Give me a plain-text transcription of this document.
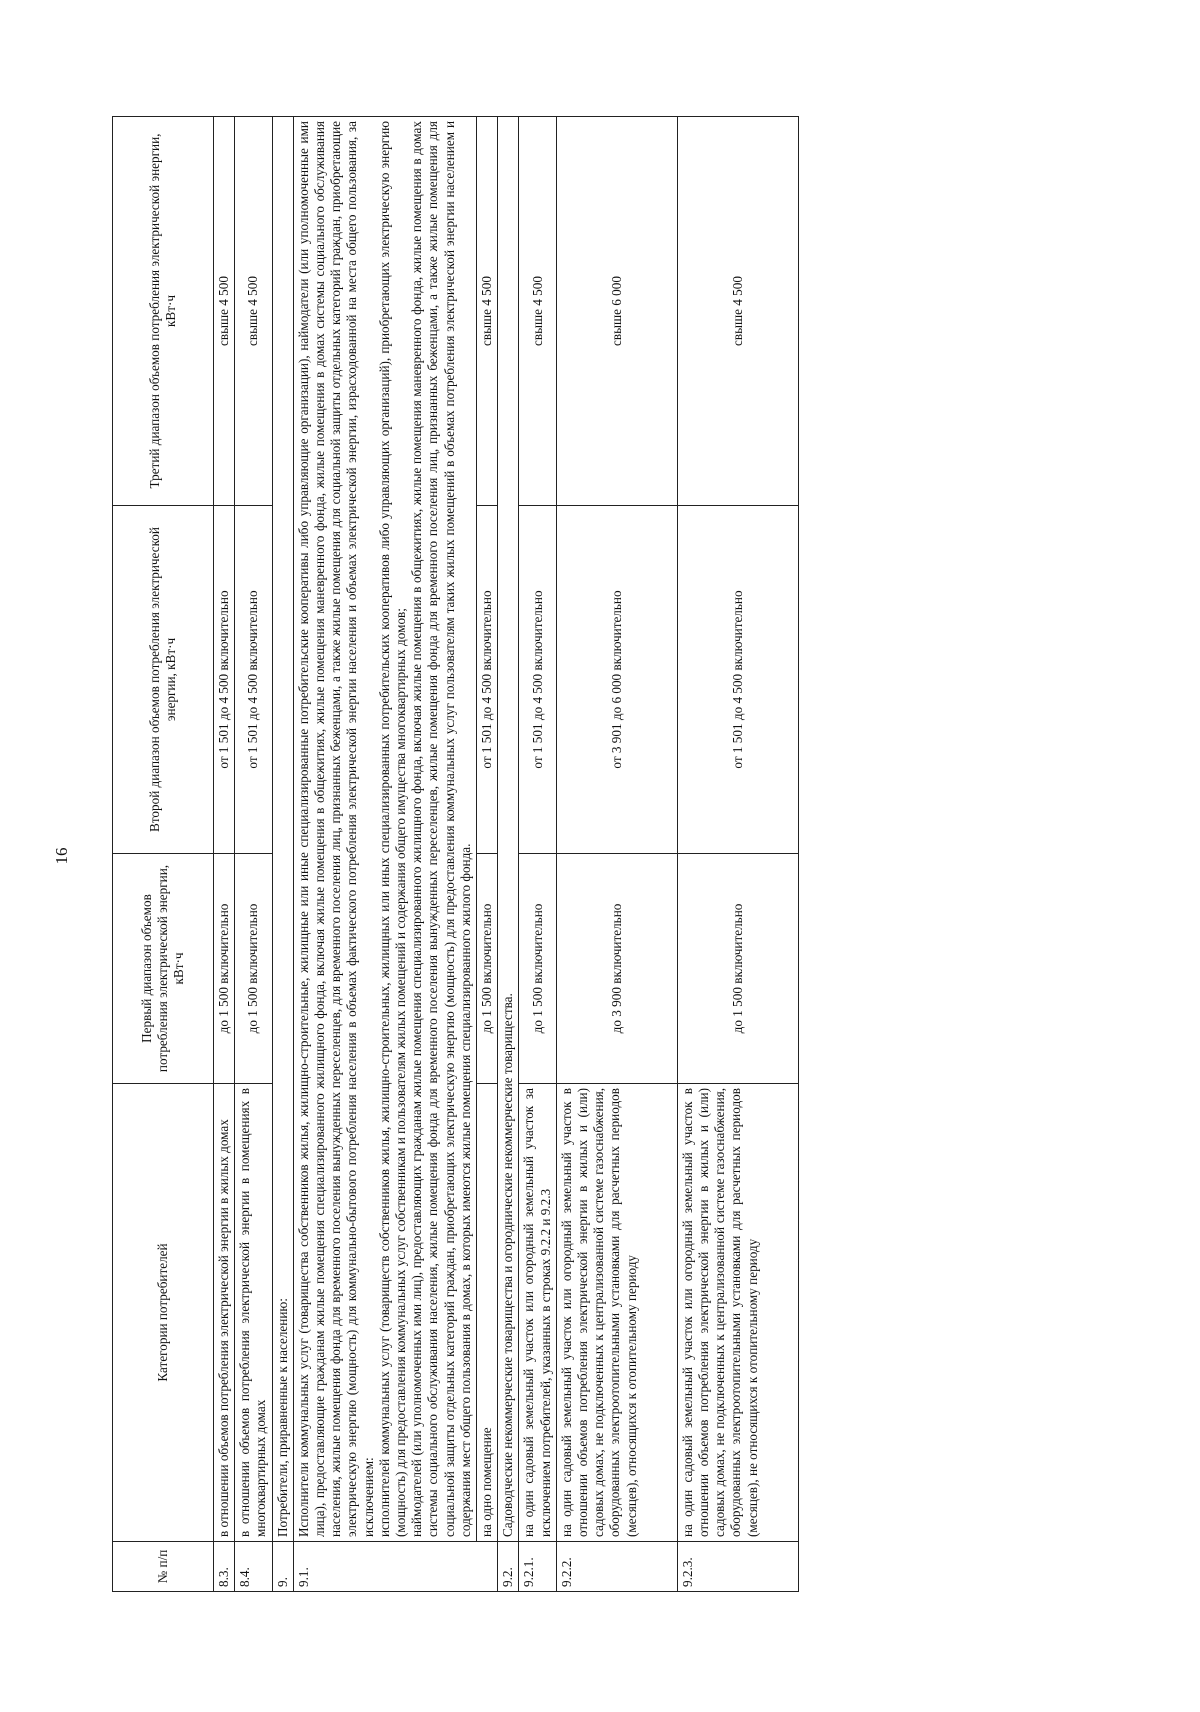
16
№ п/п	Категории потребителей	Первый диапазон объемов потребления электрической энергии, кВт·ч	Второй диапазон объемов потребления электрической энергии, кВт·ч	Третий диапазон объемов потребления электрической энергии, кВт·ч
8.3.	в отношении объемов потребления электрической энергии в жилых домах	до 1 500 включительно	от 1 501 до 4 500 включительно	свыше 4 500
8.4.	в отношении объемов потребления электрической энергии в помещениях в многоквартирных домах	до 1 500 включительно	от 1 501 до 4 500 включительно	свыше 4 500
9.	Потребители, приравненные к населению:			
9.1.	Исполнители коммунальных услуг (товарищества собственников жилья, жилищно-строительные, жилищные или иные специализированные потребительские кооперативы либо управляющие организации), наймодатели (или уполномоченные ими лица), предоставляющие гражданам жилые помещения специализированного жилищного фонда, включая жилые помещения в общежитиях, жилые помещения маневренного фонда, жилые помещения в домах системы социального обслуживания населения, жилые помещения фонда для временного поселения вынужденных переселенцев, для временного поселения лиц, признанных беженцами, а также жилые помещения для социальной защиты отдельных категорий граждан, приобретающие электрическую энергию (мощность) для коммунально-бытового потребления населения в объемах фактического потребления электрической энергии населения и объемах электрической энергии, израсходованной на места общего пользования, за исключением: исполнителей коммунальных услуг (товариществ собственников жилья, жилищно-строительных, жилищных или иных специализированных потребительских кооперативов либо управляющих организаций), приобретающих электрическую энергию (мощность) для предоставления коммунальных услуг собственникам и пользователям жилых помещений и содержания общего имущества многоквартирных домов; наймодателей (или уполномоченных ими лиц), предоставляющих гражданам жилые помещения специализированного жилищного фонда, включая жилые помещения в общежитиях, жилые помещения маневренного фонда, жилые помещения в домах системы социального обслуживания населения, жилые помещения фонда для временного поселения вынужденных переселенцев, жилые помещения фонда для временного поселения лиц, признанных беженцами, а также жилые помещения для социальной защиты отдельных категорий граждан, приобретающих электрическую энергию (мощность) для предоставления коммунальных услуг пользователям таких жилых помещений в объемах потребления электрической энергии населением и содержания мест общего пользования в домах, в которых имеются жилые помещения специализированного жилого фонда.			

	на одно помещение	до 1 500 включительно	от 1 501 до 4 500 включительно	свыше 4 500
9.2.	Садоводческие некоммерческие товарищества и огороднические некоммерческие товарищества.			
9.2.1.	на один садовый земельный участок или огородный земельный участок за исключением потребителей, указанных в строках 9.2.2 и 9.2.3	до 1 500 включительно	от 1 501 до 4 500 включительно	свыше 4 500
9.2.2.	на один садовый земельный участок или огородный земельный участок в отношении объемов потребления электрической энергии в жилых и (или) садовых домах, не подключенных к централизованной системе газоснабжения, оборудованных электроотопительными установками для расчетных периодов (месяцев), относящихся к отопительному периоду	до 3 900 включительно	от 3 901 до 6 000 включительно	свыше 6 000
9.2.3.	на один садовый земельный участок или огородный земельный участок в отношении объемов потребления электрической энергии в жилых и (или) садовых домах, не подключенных к централизованной системе газоснабжения, оборудованных электроотопительными установками для расчетных периодов (месяцев), не относящихся к отопительному периоду	до 1 500 включительно	от 1 501 до 4 500 включительно	свыше 4 500
